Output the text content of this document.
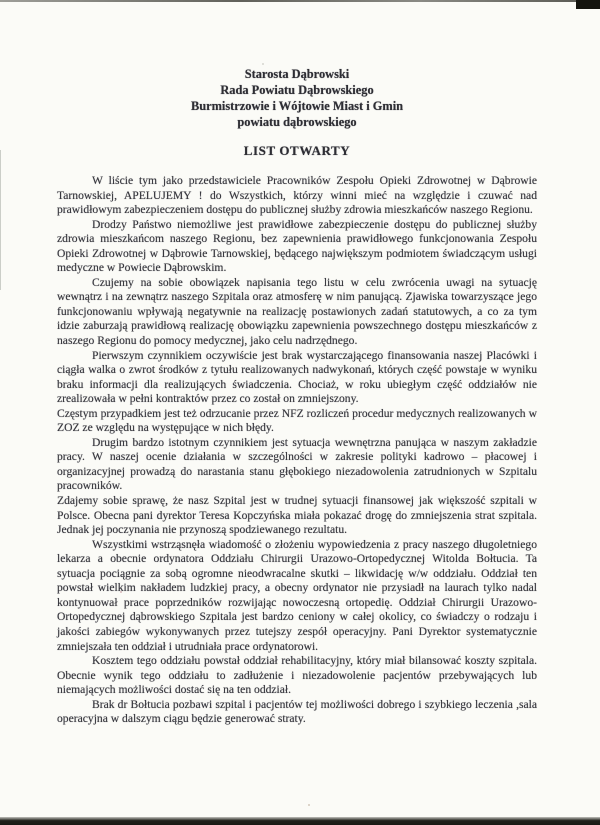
Starosta Dąbrowski
Rada Powiatu Dąbrowskiego
Burmistrzowie i Wójtowie Miast i Gmin
powiatu dąbrowskiego
LIST OTWARTY

W liście tym jako przedstawiciele Pracowników Zespołu Opieki Zdrowotnej w Dąbrowie Tarnowskiej, APELUJEMY ! do Wszystkich, którzy winni mieć na względzie i czuwać nad prawidłowym zabezpieczeniem dostępu do publicznej służby zdrowia mieszkańców naszego Regionu.

Drodzy Państwo niemożliwe jest prawidłowe zabezpieczenie dostępu do publicznej służby zdrowia mieszkańcom naszego Regionu, bez zapewnienia prawidłowego funkcjonowania Zespołu Opieki Zdrowotnej w Dąbrowie Tarnowskiej, będącego największym podmiotem świadczącym usługi medyczne w Powiecie Dąbrowskim.

Czujemy na sobie obowiązek napisania tego listu w celu zwrócenia uwagi na sytuację wewnątrz i na zewnątrz naszego Szpitala oraz atmosferę w nim panującą. Zjawiska towarzyszące jego funkcjonowaniu wpływają negatywnie na realizację postawionych zadań statutowych, a co za tym idzie zaburzają prawidłową realizację obowiązku zapewnienia powszechnego dostępu mieszkańców z naszego Regionu do pomocy medycznej, jako celu nadrzędnego.

Pierwszym czynnikiem oczywiście jest brak wystarczającego finansowania naszej Placówki i ciągła walka o zwrot środków z tytułu realizowanych nadwykonań, których część powstaje w wyniku braku informacji dla realizujących świadczenia. Chociaż, w roku ubiegłym część oddziałów nie zrealizowała w pełni kontraktów przez co został on zmniejszony.

Częstym przypadkiem jest też odrzucanie przez NFZ rozliczeń procedur medycznych realizowanych w ZOZ ze względu na występujące w nich błędy.

Drugim bardzo istotnym czynnikiem jest sytuacja wewnętrzna panująca w naszym zakładzie pracy. W naszej ocenie działania w szczególności w zakresie polityki kadrowo – płacowej i organizacyjnej prowadzą do narastania stanu głębokiego niezadowolenia zatrudnionych w Szpitalu pracowników.

Zdajemy sobie sprawę, że nasz Szpital jest w trudnej sytuacji finansowej jak większość szpitali w Polsce. Obecna pani dyrektor Teresa Kopczyńska miała pokazać drogę do zmniejszenia strat szpitala. Jednak jej poczynania nie przynoszą spodziewanego rezultatu.

Wszystkimi wstrząsnęła wiadomość o złożeniu wypowiedzenia z pracy naszego długoletniego lekarza a obecnie ordynatora Oddziału Chirurgii Urazowo-Ortopedycznej Witolda Bołtucia. Ta sytuacja pociągnie za sobą ogromne nieodwracalne skutki – likwidację w/w oddziału. Oddział ten powstał wielkim nakładem ludzkiej pracy, a obecny ordynator nie przysiadł na laurach tylko nadal kontynuował prace poprzedników rozwijając nowoczesną ortopedię. Oddział Chirurgii Urazowo-Ortopedycznej dąbrowskiego Szpitala jest bardzo ceniony w całej okolicy, co świadczy o rodzaju i jakości zabiegów wykonywanych przez tutejszy zespół operacyjny. Pani Dyrektor systematycznie zmniejszała ten oddział i utrudniała prace ordynatorowi.

Kosztem tego oddziału powstał oddział rehabilitacyjny, który miał bilansować koszty szpitala. Obecnie wynik tego oddziału to zadłużenie i niezadowolenie pacjentów przebywających lub niemających możliwości dostać się na ten oddział.

Brak dr Bołtucia pozbawi szpital i pacjentów tej możliwości dobrego i szybkiego leczenia ,sala operacyjna w dalszym ciągu będzie generować straty.
